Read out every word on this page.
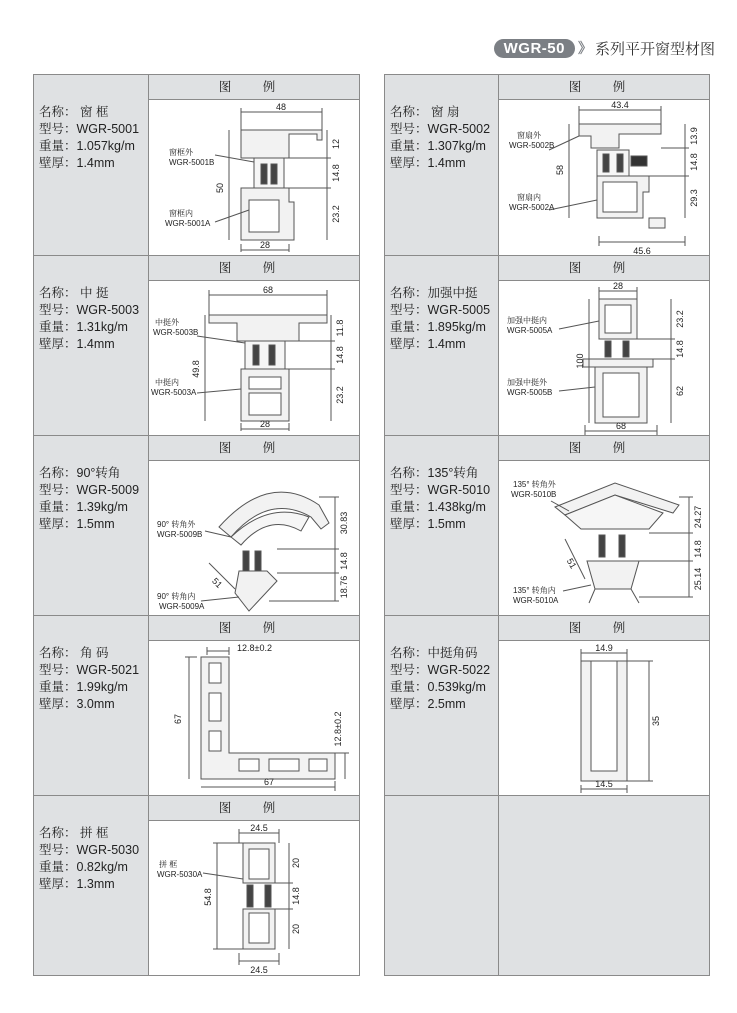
WGR-50 》 系列平开窗型材图
名称： 窗 框
型号：WGR-5001
重量：1.057kg/m
壁厚：1.4mm
图 例
48
50
28
12
14.8
23.2
窗框外
WGR-5001B
窗框内
WGR-5001A
名称： 中 挺
型号：WGR-5003
重量：1.31kg/m
壁厚：1.4mm
图 例
68
49.8
28
11.8
14.8
23.2
中挺外
WGR-5003B
中挺内
WGR-5003A
名称：90°转角
型号：WGR-5009
重量：1.39kg/m
壁厚：1.5mm
图 例
51
30.83
14.8
18.76
90° 转角外
WGR-5009B
90° 转角内
WGR-5009A
名称： 角 码
型号：WGR-5021
重量：1.99kg/m
壁厚：3.0mm
图 例
12.8±0.2
67	12.8±0.2
67
名称： 拼 框
型号：WGR-5030
重量：0.82kg/m
壁厚：1.3mm
图 例
24.5
54.8
24.5
20
14.8
20
拼 框
WGR-5030A
名称： 窗 扇
型号：WGR-5002
重量：1.307kg/m
壁厚：1.4mm
图 例
43.4
58
45.6
13.9
14.8
29.3
窗扇外
WGR-5002B
窗扇内
WGR-5002A
名称：加强中挺
型号：WGR-5005
重量：1.895kg/m
壁厚：1.4mm
图 例
28
100
68
23.2
14.8
62
加强中挺内
WGR-5005A
加强中挺外
WGR-5005B
名称：135°转角
型号：WGR-5010
重量：1.438kg/m
壁厚：1.5mm
图 例
51
24.27
14.8
25.14
135° 转角外
WGR-5010B
135° 转角内
WGR-5010A
名称：中挺角码
型号：WGR-5022
重量：0.539kg/m
壁厚：2.5mm
图 例
14.9
35
14.5
